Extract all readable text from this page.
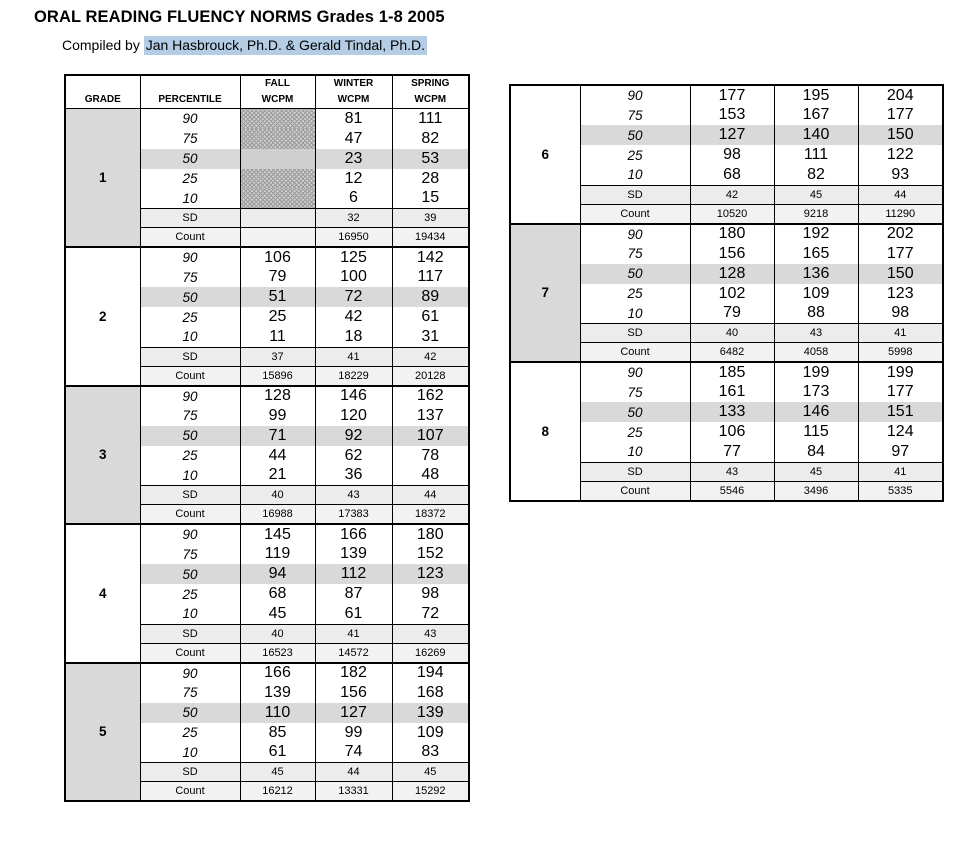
ORAL READING FLUENCY NORMS Grades 1-8 2005
Compiled by Jan Hasbrouck, Ph.D. & Gerald Tindal, Ph.D.
		FALL	WINTER	SPRING
GRADE	PERCENTILE	WCPM	WCPM	WCPM
1	90		81	111
	75		47	82
	50		23	53
	25		12	28
	10		6	15
	SD		32	39
	Count		16950	19434
2	90	106	125	142
	75	79	100	117
	50	51	72	89
	25	25	42	61
	10	11	18	31
	SD	37	41	42
	Count	15896	18229	20128
3	90	128	146	162
	75	99	120	137
	50	71	92	107
	25	44	62	78
	10	21	36	48
	SD	40	43	44
	Count	16988	17383	18372
4	90	145	166	180
	75	119	139	152
	50	94	112	123
	25	68	87	98
	10	45	61	72
	SD	40	41	43
	Count	16523	14572	16269
5	90	166	182	194
	75	139	156	168
	50	110	127	139
	25	85	99	109
	10	61	74	83
	SD	45	44	45
	Count	16212	13331	15292
6	90	177	195	204
	75	153	167	177
	50	127	140	150
	25	98	111	122
	10	68	82	93
	SD	42	45	44
	Count	10520	9218	11290
7	90	180	192	202
	75	156	165	177
	50	128	136	150
	25	102	109	123
	10	79	88	98
	SD	40	43	41
	Count	6482	4058	5998
8	90	185	199	199
	75	161	173	177
	50	133	146	151
	25	106	115	124
	10	77	84	97
	SD	43	45	41
	Count	5546	3496	5335
